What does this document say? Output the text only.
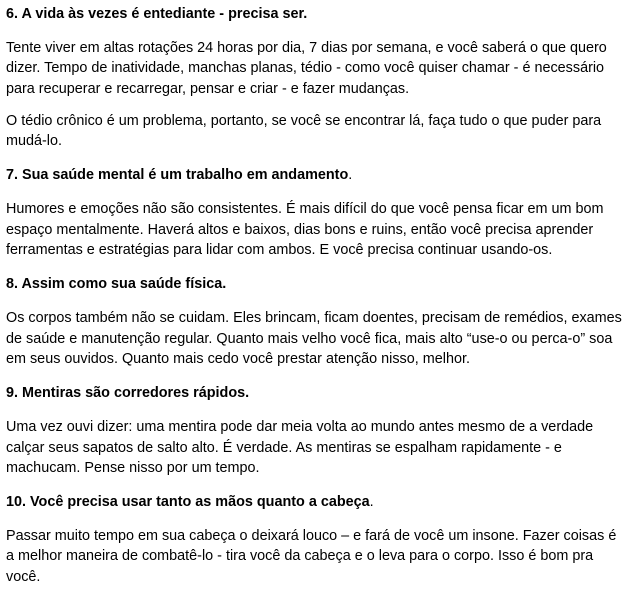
6. A vida às vezes é entediante - precisa ser.

Tente viver em altas rotações 24 horas por dia, 7 dias por semana, e você saberá o que quero dizer. Tempo de inatividade, manchas planas, tédio - como você quiser chamar - é necessário para recuperar e recarregar, pensar e criar - e fazer mudanças.

O tédio crônico é um problema, portanto, se você se encontrar lá, faça tudo o que puder para mudá-lo.

7. Sua saúde mental é um trabalho em andamento.

Humores e emoções não são consistentes. É mais difícil do que você pensa ficar em um bom espaço mentalmente. Haverá altos e baixos, dias bons e ruins, então você precisa aprender ferramentas e estratégias para lidar com ambos. E você precisa continuar usando-os.

8. Assim como sua saúde física.

Os corpos também não se cuidam. Eles brincam, ficam doentes, precisam de remédios, exames de saúde e manutenção regular. Quanto mais velho você fica, mais alto “use-o ou perca-o” soa em seus ouvidos. Quanto mais cedo você prestar atenção nisso, melhor.

9. Mentiras são corredores rápidos.

Uma vez ouvi dizer: uma mentira pode dar meia volta ao mundo antes mesmo de a verdade calçar seus sapatos de salto alto. É verdade. As mentiras se espalham rapidamente - e machucam. Pense nisso por um tempo.

10. Você precisa usar tanto as mãos quanto a cabeça.

Passar muito tempo em sua cabeça o deixará louco – e fará de você um insone. Fazer coisas é a melhor maneira de combatê-lo - tira você da cabeça e o leva para o corpo. Isso é bom pra você.
